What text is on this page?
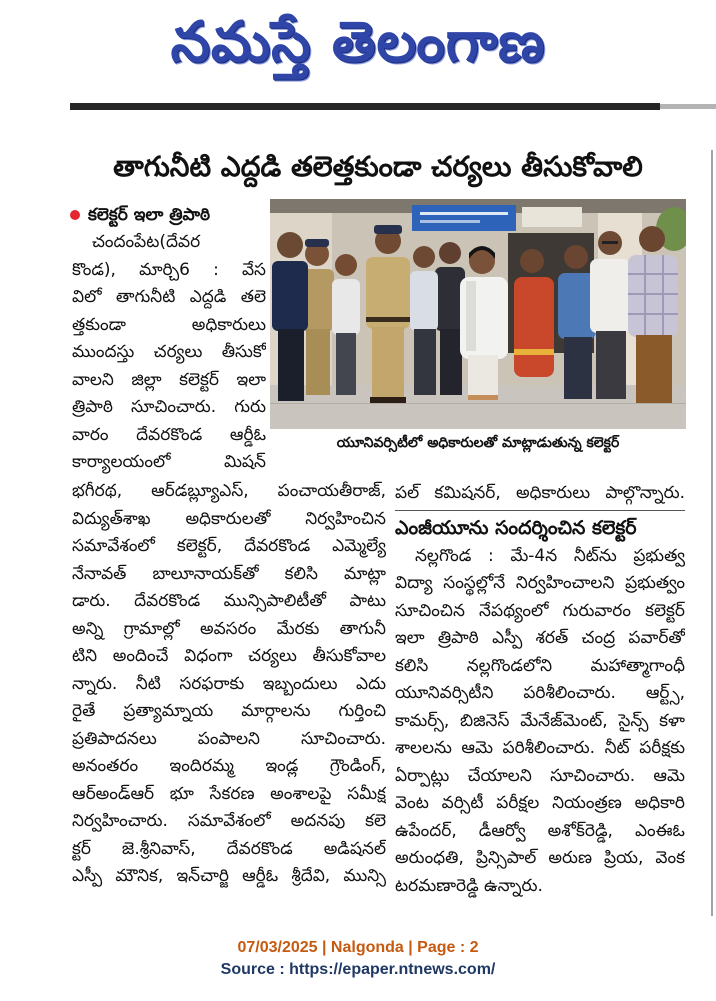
నమస్తే తెలంగాణ
తాగునీటి ఎద్దడి తలెత్తకుండా చర్యలు తీసుకోవాలి
కలెక్టర్ ఇలా త్రిపాఠి
చందంపేట(దేవర
కొండ), మార్చి6 : వేస
విలో తాగునీటి ఎద్దడి తలె
త్తకుండా అధికారులు
ముందస్తు చర్యలు తీసుకో
వాలని జిల్లా కలెక్టర్ ఇలా
త్రిపాఠి సూచించారు. గురు
వారం దేవరకొండ ఆర్డీఓ
కార్యాలయంలో మిషన్
భగీరథ, ఆర్‌డబ్ల్యూఎస్, పంచాయతీరాజ్,
విద్యుత్‌శాఖ అధికారులతో నిర్వహించిన
సమావేశంలో కలెక్టర్, దేవరకొండ ఎమ్మెల్యే
నేనావత్ బాలూనాయక్‌తో కలిసి మాట్లా
డారు. దేవరకొండ మున్సిపాలిటీతో పాటు
అన్ని గ్రామాల్లో అవసరం మేరకు తాగునీ
టిని అందించే విధంగా చర్యలు తీసుకోవాల
న్నారు. నీటి సరఫరాకు ఇబ్బందులు ఎదు
రైతే ప్రత్యామ్నాయ మార్గాలను గుర్తించి
ప్రతిపాదనలు పంపాలని సూచించారు.
అనంతరం ఇందిరమ్మ ఇండ్ల గ్రౌండింగ్,
ఆర్‌అండ్‌ఆర్ భూ సేకరణ అంశాలపై సమీక్ష
నిర్వహించారు. సమావేశంలో అదనపు కలె
క్టర్ జె.శ్రీనివాస్, దేవరకొండ అడిషనల్
ఎస్పీ మౌనిక, ఇన్‌చార్జి ఆర్డీఓ శ్రీదేవి, మున్సి
యూనివర్సిటీలో అధికారులతో మాట్లాడుతున్న కలెక్టర్
పల్ కమిషనర్, అధికారులు పాల్గొన్నారు.
ఎంజీయూను సందర్శించిన కలెక్టర్
నల్లగొండ : మే-4న నీట్‌ను ప్రభుత్వ
విద్యా సంస్థల్లోనే నిర్వహించాలని ప్రభుత్వం
సూచించిన నేపథ్యంలో గురువారం కలెక్టర్
ఇలా త్రిపాఠి ఎస్పీ శరత్ చంద్ర పవార్‌తో
కలిసి నల్లగొండలోని మహాత్మాగాంధీ
యూనివర్సిటీని పరిశీలించారు. ఆర్ట్స్,
కామర్స్, బిజినెస్ మేనేజ్‌మెంట్, సైన్స్ కళా
శాలలను ఆమె పరిశీలించారు. నీట్ పరీక్షకు
ఏర్పాట్లు చేయాలని సూచించారు. ఆమె
వెంట వర్సిటీ పరీక్షల నియంత్రణ అధికారి
ఉపేందర్, డీఆర్వో అశోక్‌రెడ్డి, ఎంఈఓ
అరుంధతి, ప్రిన్సిపాల్ అరుణ ప్రియ, వెంక
టరమణారెడ్డి ఉన్నారు.
07/03/2025 | Nalgonda | Page : 2
Source : https://epaper.ntnews.com/
